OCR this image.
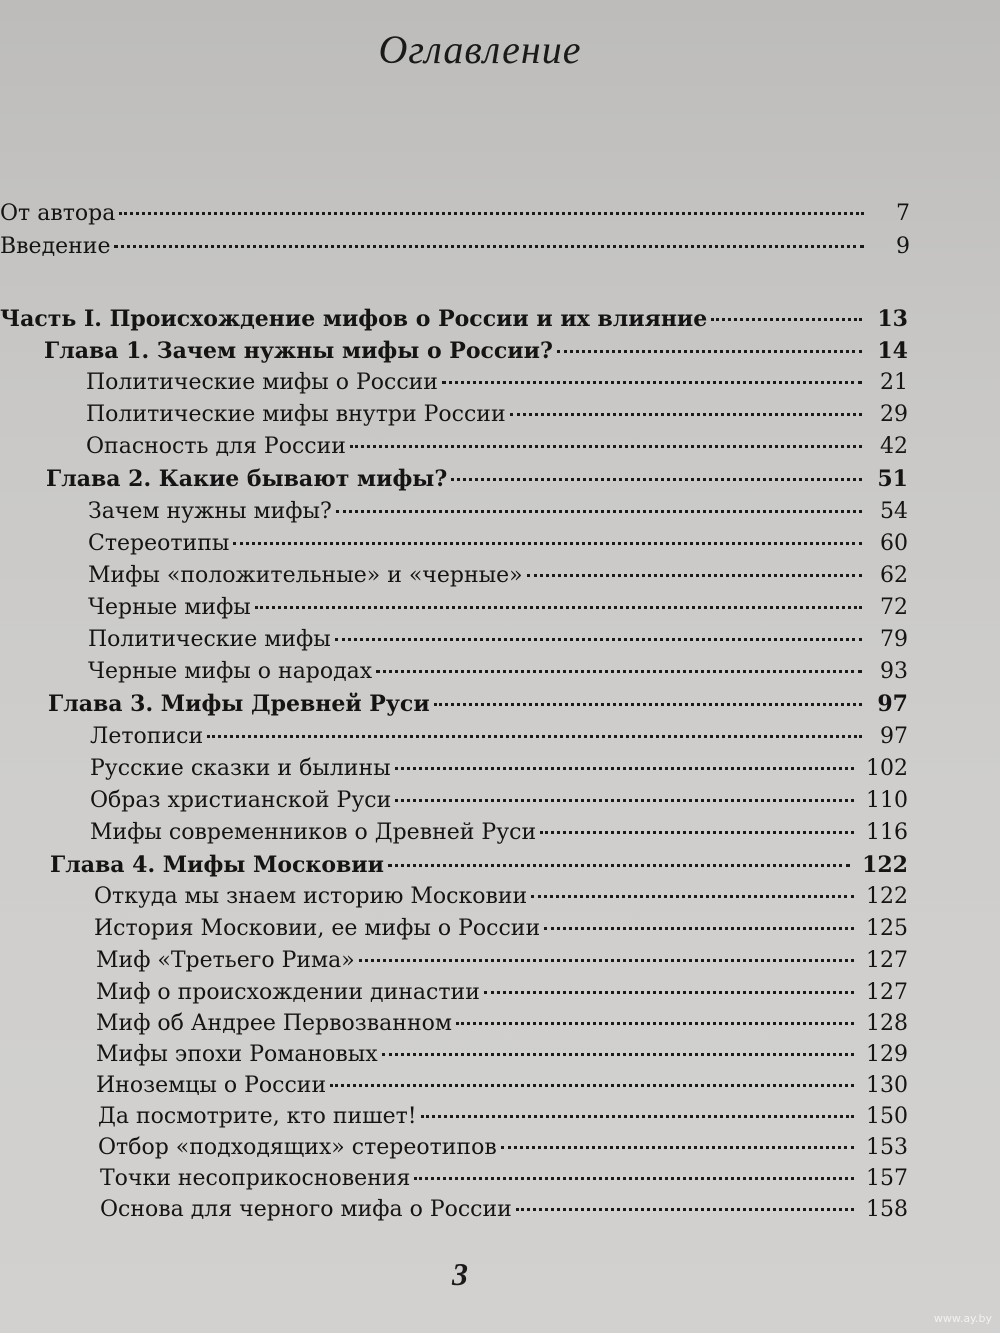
Оглавление
От автора	7
Введение	9
Часть I. Происхождение мифов о России и их влияние	13
Глава 1. Зачем нужны мифы о России?	14
Политические мифы о России	21
Политические мифы внутри России	29
Опасность для России	42
Глава 2. Какие бывают мифы?	51
Зачем нужны мифы?	54
Стереотипы	60
Мифы «положительные» и «черные»	62
Черные мифы	72
Политические мифы	79
Черные мифы о народах	93
Глава 3. Мифы Древней Руси	97
Летописи	97
Русские сказки и былины	102
Образ христианской Руси	110
Мифы современников о Древней Руси	116
Глава 4. Мифы Московии	122
Откуда мы знаем историю Московии	122
История Московии, ее мифы о России	125
Миф «Третьего Рима»	127
Миф о происхождении династии	127
Миф об Андрее Первозванном	128
Мифы эпохи Романовых	129
Иноземцы о России	130
Да посмотрите, кто пишет!	150
Отбор «подходящих» стереотипов	153
Точки несоприкосновения	157
Основа для черного мифа о России	158
3
www.ay.by
